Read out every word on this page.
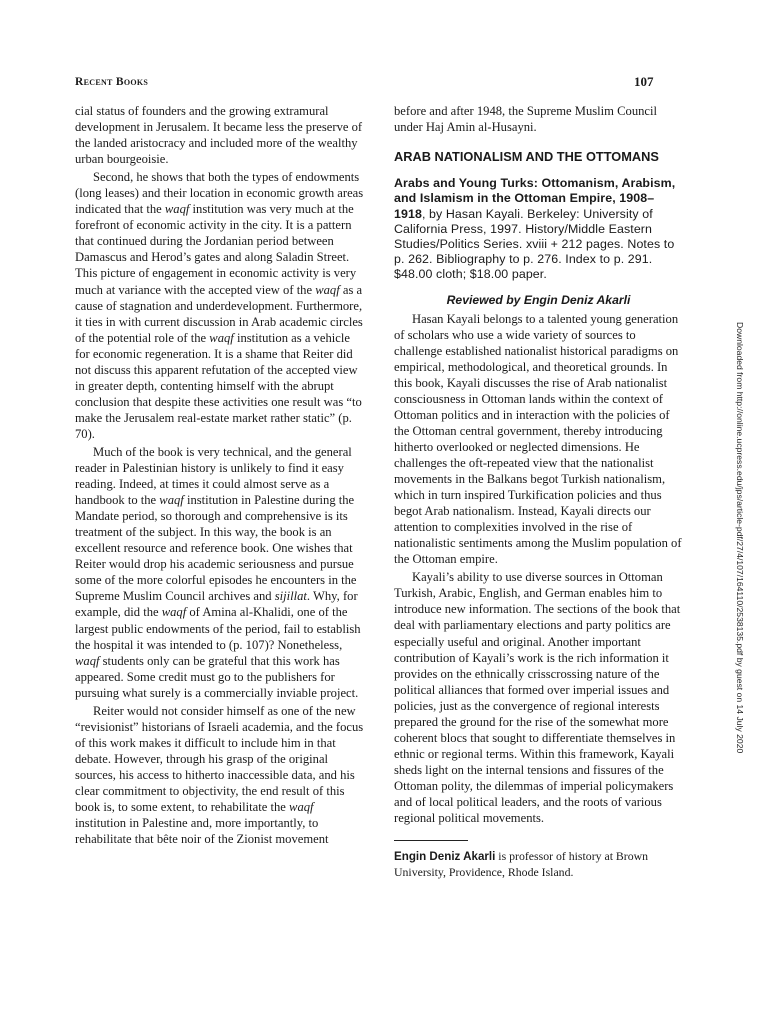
Recent Books	107

cial status of founders and the growing extramural development in Jerusalem. It became less the preserve of the landed aristocracy and included more of the wealthy urban bourgeoisie.

Second, he shows that both the types of endowments (long leases) and their location in economic growth areas indicated that the waqf institution was very much at the forefront of economic activity in the city. It is a pattern that continued during the Jordanian period between Damascus and Herod’s gates and along Saladin Street. This picture of engagement in economic activity is very much at variance with the accepted view of the waqf as a cause of stagnation and underdevelopment. Furthermore, it ties in with current discussion in Arab academic circles of the potential role of the waqf institution as a vehicle for economic regeneration. It is a shame that Reiter did not discuss this apparent refutation of the accepted view in greater depth, contenting himself with the abrupt conclusion that despite these activities one result was “to make the Jerusalem real-estate market rather static” (p. 70).

Much of the book is very technical, and the general reader in Palestinian history is unlikely to find it easy reading. Indeed, at times it could almost serve as a handbook to the waqf institution in Palestine during the Mandate period, so thorough and comprehensive is its treatment of the subject. In this way, the book is an excellent resource and reference book. One wishes that Reiter would drop his academic seriousness and pursue some of the more colorful episodes he encounters in the Supreme Muslim Council archives and sijillat. Why, for example, did the waqf of Amina al-Khalidi, one of the largest public endowments of the period, fail to establish the hospital it was intended to (p. 107)? Nonetheless, waqf students only can be grateful that this work has appeared. Some credit must go to the publishers for pursuing what surely is a commercially inviable project.

Reiter would not consider himself as one of the new “revisionist” historians of Israeli academia, and the focus of this work makes it difficult to include him in that debate. However, through his grasp of the original sources, his access to hitherto inaccessible data, and his clear commitment to objectivity, the end result of this book is, to some extent, to rehabilitate the waqf institution in Palestine and, more importantly, to rehabilitate that bête noir of the Zionist movement

before and after 1948, the Supreme Muslim Council under Haj Amin al-Husayni.

ARAB NATIONALISM AND THE OTTOMANS

Arabs and Young Turks: Ottomanism, Arabism, and Islamism in the Ottoman Empire, 1908–1918, by Hasan Kayali. Berkeley: University of California Press, 1997. History/Middle Eastern Studies/Politics Series. xviii + 212 pages. Notes to p. 262. Bibliography to p. 276. Index to p. 291. $48.00 cloth; $18.00 paper.

Reviewed by Engin Deniz Akarli

Hasan Kayali belongs to a talented young generation of scholars who use a wide variety of sources to challenge established nationalist historical paradigms on empirical, methodological, and theoretical grounds. In this book, Kayali discusses the rise of Arab nationalist consciousness in Ottoman lands within the context of Ottoman politics and in interaction with the policies of the Ottoman central government, thereby introducing hitherto overlooked or neglected dimensions. He challenges the oft-repeated view that the nationalist movements in the Balkans begot Turkish nationalism, which in turn inspired Turkification policies and thus begot Arab nationalism. Instead, Kayali directs our attention to complexities involved in the rise of nationalistic sentiments among the Muslim population of the Ottoman empire.

Kayali’s ability to use diverse sources in Ottoman Turkish, Arabic, English, and German enables him to introduce new information. The sections of the book that deal with parliamentary elections and party politics are especially useful and original. Another important contribution of Kayali’s work is the rich information it provides on the ethnically crisscrossing nature of the political alliances that formed over imperial issues and policies, just as the convergence of regional interests prepared the ground for the rise of the somewhat more coherent blocs that sought to differentiate themselves in ethnic or regional terms. Within this framework, Kayali sheds light on the internal tensions and fissures of the Ottoman polity, the dilemmas of imperial policymakers and of local political leaders, and the roots of various regional political movements.

Engin Deniz Akarli is professor of history at Brown University, Providence, Rhode Island.

Downloaded from http://online.ucpress.edu/jps/article-pdf/27/4/107/164110/2538135.pdf by guest on 14 July 2020
